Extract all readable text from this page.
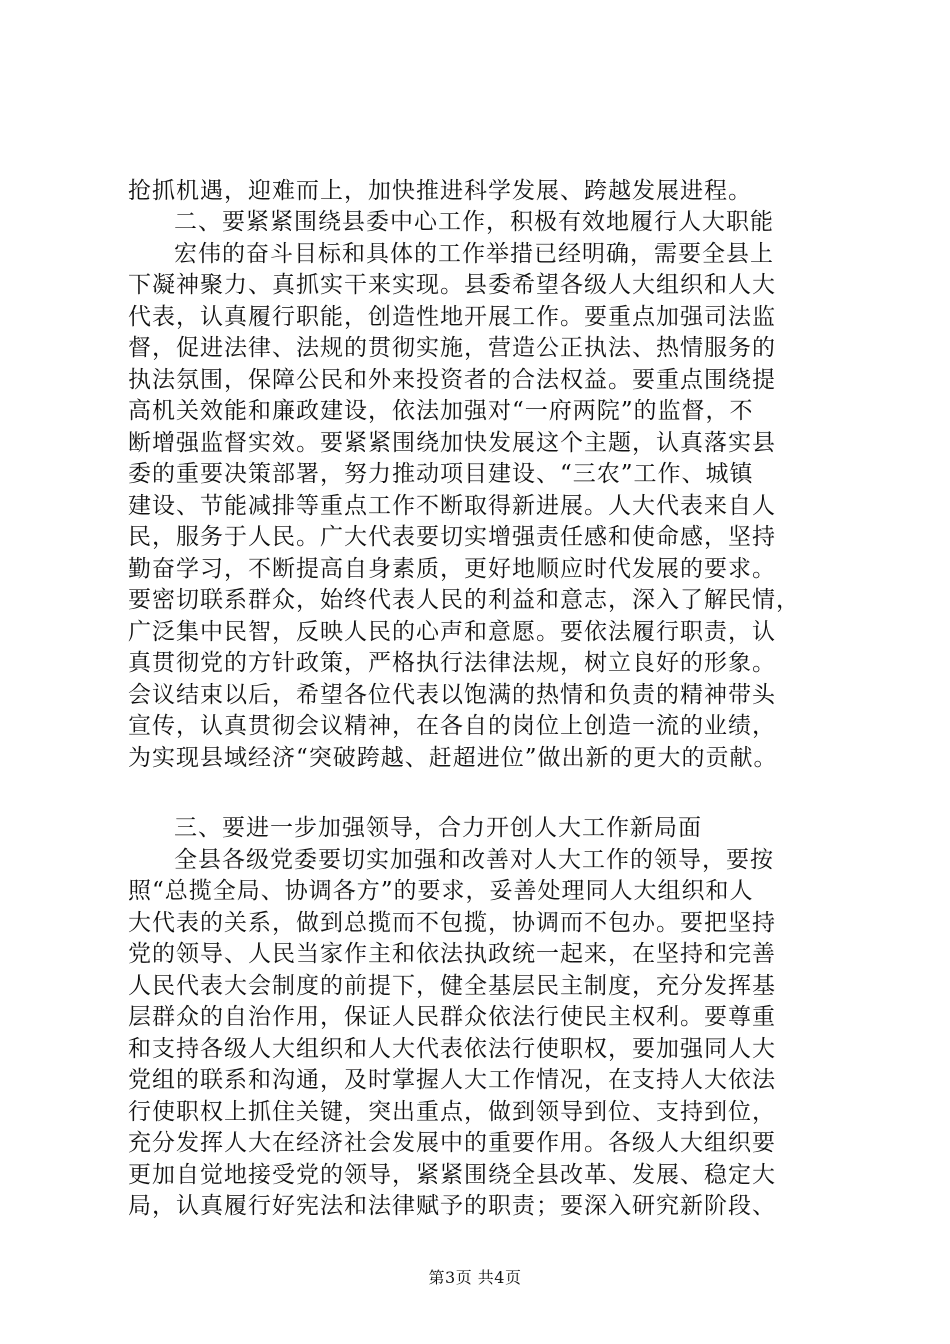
抢抓机遇，迎难而上，加快推进科学发展、跨越发展进程。
二、要紧紧围绕县委中心工作，积极有效地履行人大职能
宏伟的奋斗目标和具体的工作举措已经明确，需要全县上
下凝神聚力、真抓实干来实现。县委希望各级人大组织和人大
代表，认真履行职能，创造性地开展工作。要重点加强司法监
督，促进法律、法规的贯彻实施，营造公正执法、热情服务的
执法氛围，保障公民和外来投资者的合法权益。要重点围绕提
高机关效能和廉政建设，依法加强对“一府两院”的监督，不
断增强监督实效。要紧紧围绕加快发展这个主题，认真落实县
委的重要决策部署，努力推动项目建设、“三农”工作、城镇
建设、节能减排等重点工作不断取得新进展。人大代表来自人
民，服务于人民。广大代表要切实增强责任感和使命感，坚持
勤奋学习，不断提高自身素质，更好地顺应时代发展的要求。
要密切联系群众，始终代表人民的利益和意志，深入了解民情，
广泛集中民智，反映人民的心声和意愿。要依法履行职责，认
真贯彻党的方针政策，严格执行法律法规，树立良好的形象。
会议结束以后，希望各位代表以饱满的热情和负责的精神带头
宣传，认真贯彻会议精神，在各自的岗位上创造一流的业绩，
为实现县域经济“突破跨越、赶超进位”做出新的更大的贡献。
三、要进一步加强领导，合力开创人大工作新局面
全县各级党委要切实加强和改善对人大工作的领导，要按
照“总揽全局、协调各方”的要求，妥善处理同人大组织和人
大代表的关系，做到总揽而不包揽，协调而不包办。要把坚持
党的领导、人民当家作主和依法执政统一起来，在坚持和完善
人民代表大会制度的前提下，健全基层民主制度，充分发挥基
层群众的自治作用，保证人民群众依法行使民主权利。要尊重
和支持各级人大组织和人大代表依法行使职权，要加强同人大
党组的联系和沟通，及时掌握人大工作情况，在支持人大依法
行使职权上抓住关键，突出重点，做到领导到位、支持到位，
充分发挥人大在经济社会发展中的重要作用。各级人大组织要
更加自觉地接受党的领导，紧紧围绕全县改革、发展、稳定大
局，认真履行好宪法和法律赋予的职责；要深入研究新阶段、
第3页 共4页
